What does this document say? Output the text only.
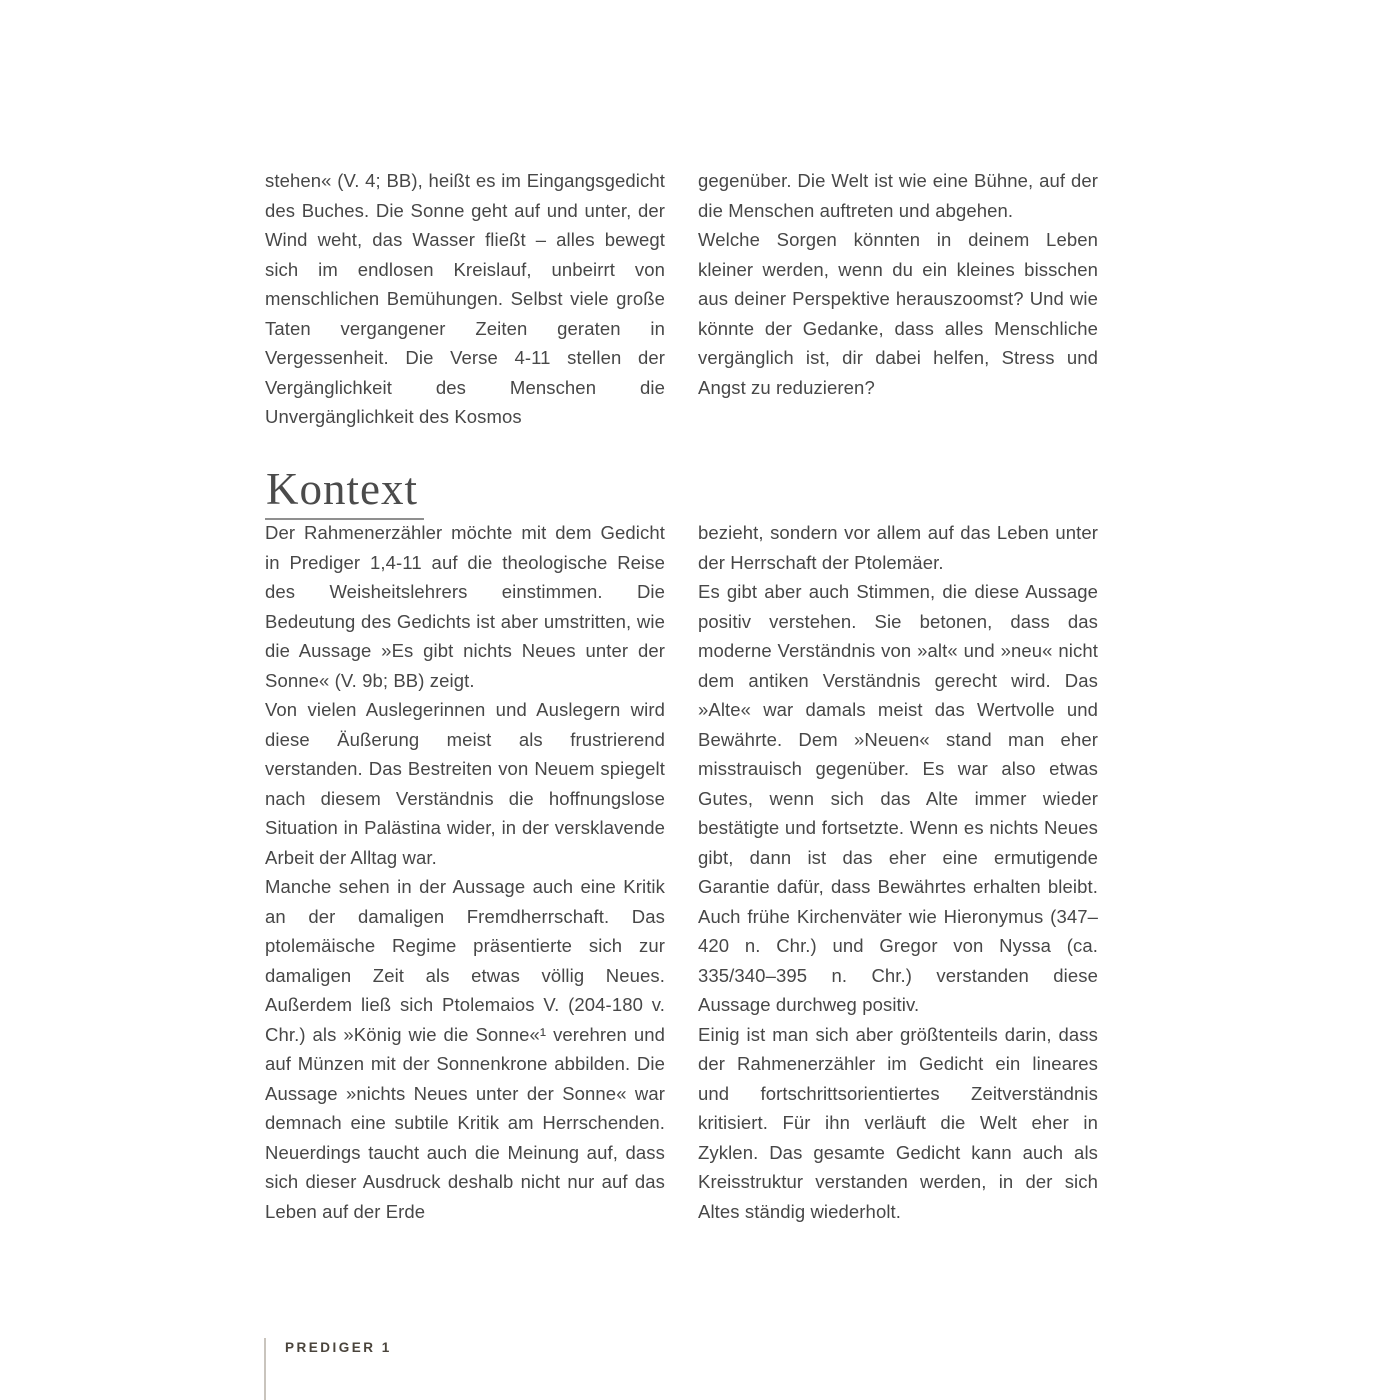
stehen« (V. 4; BB), heißt es im Eingangsgedicht des Buches. Die Sonne geht auf und unter, der Wind weht, das Wasser fließt – alles bewegt sich im endlosen Kreislauf, unbeirrt von menschlichen Bemühungen. Selbst viele große Taten vergangener Zeiten geraten in Vergessenheit. Die Verse 4-11 stellen der Vergänglichkeit des Menschen die Unvergänglichkeit des Kosmos

gegenüber. Die Welt ist wie eine Bühne, auf der die Menschen auftreten und abgehen.

Welche Sorgen könnten in deinem Leben kleiner werden, wenn du ein kleines bisschen aus deiner Perspektive herauszoomst? Und wie könnte der Gedanke, dass alles Menschliche vergänglich ist, dir dabei helfen, Stress und Angst zu reduzieren?

Kontext

Der Rahmenerzähler möchte mit dem Gedicht in Prediger 1,4-11 auf die theologische Reise des Weisheitslehrers einstimmen. Die Bedeutung des Gedichts ist aber umstritten, wie die Aussage »Es gibt nichts Neues unter der Sonne« (V. 9b; BB) zeigt.

Von vielen Auslegerinnen und Auslegern wird diese Äußerung meist als frustrierend verstanden. Das Bestreiten von Neuem spiegelt nach diesem Verständnis die hoffnungslose Situation in Palästina wider, in der versklavende Arbeit der Alltag war.

Manche sehen in der Aussage auch eine Kritik an der damaligen Fremdherrschaft. Das ptolemäische Regime präsentierte sich zur damaligen Zeit als etwas völlig Neues. Außerdem ließ sich Ptolemaios V. (204-180 v. Chr.) als »König wie die Sonne«¹ verehren und auf Münzen mit der Sonnenkrone abbilden. Die Aussage »nichts Neues unter der Sonne« war demnach eine subtile Kritik am Herrschenden. Neuerdings taucht auch die Meinung auf, dass sich dieser Ausdruck deshalb nicht nur auf das Leben auf der Erde

bezieht, sondern vor allem auf das Leben unter der Herrschaft der Ptolemäer.

Es gibt aber auch Stimmen, die diese Aussage positiv verstehen. Sie betonen, dass das moderne Verständnis von »alt« und »neu« nicht dem antiken Verständnis gerecht wird. Das »Alte« war damals meist das Wertvolle und Bewährte. Dem »Neuen« stand man eher misstrauisch gegenüber. Es war also etwas Gutes, wenn sich das Alte immer wieder bestätigte und fortsetzte. Wenn es nichts Neues gibt, dann ist das eher eine ermutigende Garantie dafür, dass Bewährtes erhalten bleibt. Auch frühe Kirchenväter wie Hieronymus (347–420 n. Chr.) und Gregor von Nyssa (ca. 335/340–395 n. Chr.) verstanden diese Aussage durchweg positiv.

Einig ist man sich aber größtenteils darin, dass der Rahmenerzähler im Gedicht ein lineares und fortschrittsorientiertes Zeitverständnis kritisiert. Für ihn verläuft die Welt eher in Zyklen. Das gesamte Gedicht kann auch als Kreisstruktur verstanden werden, in der sich Altes ständig wiederholt.

PREDIGER 1
